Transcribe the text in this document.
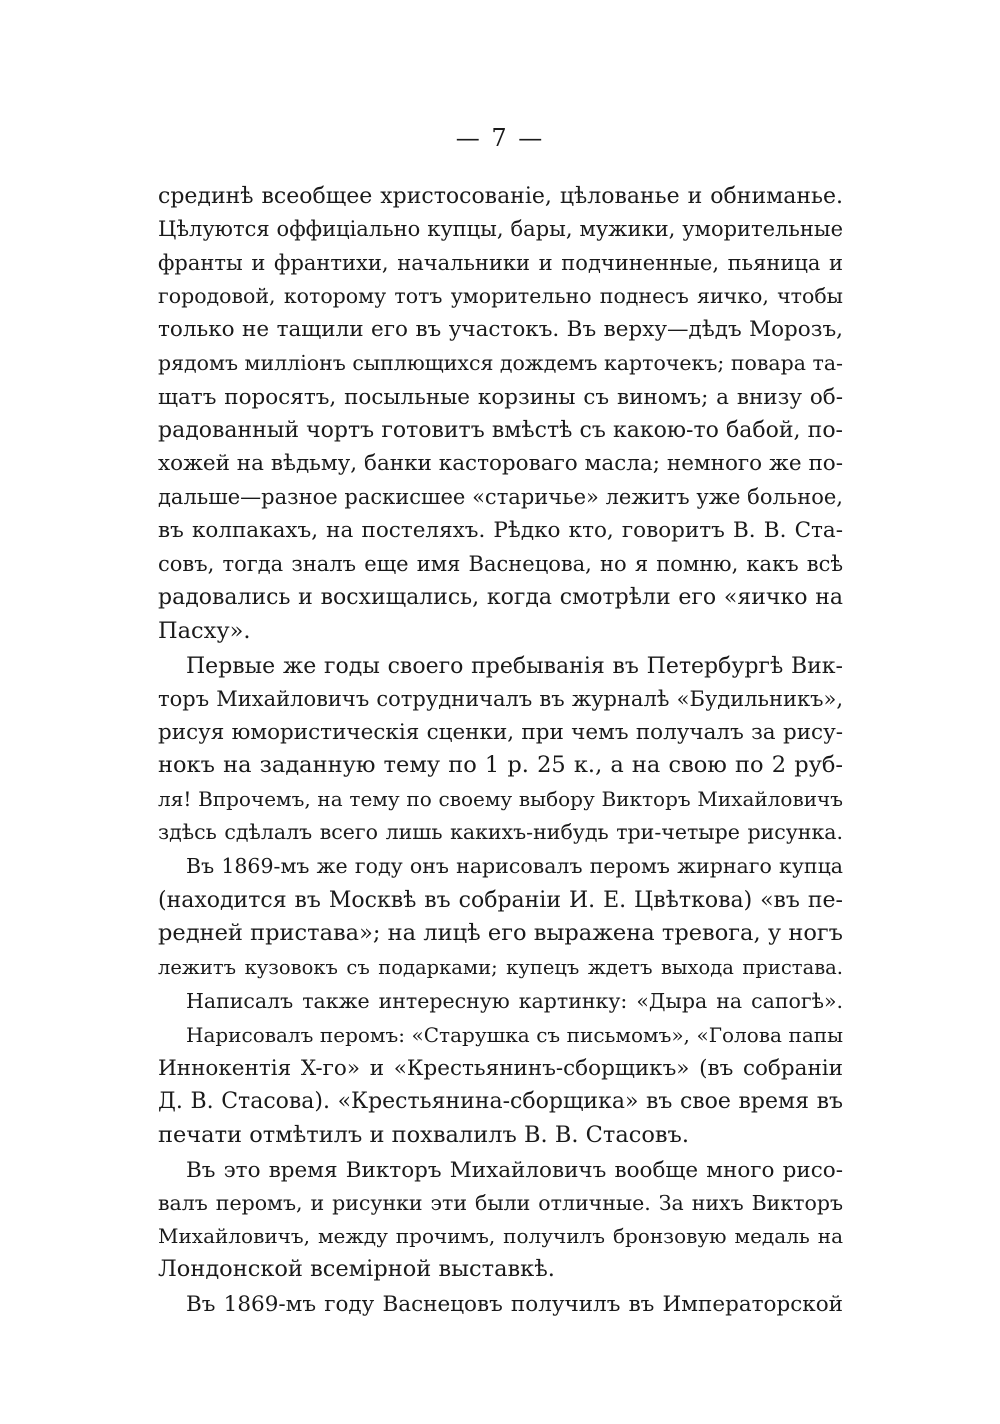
— 7 —
срединѣ всеобщее христосованіе, цѣлованье и обниманье.
Цѣлуются оффиціально купцы, бары, мужики, уморительные
франты и франтихи, начальники и подчиненные, пьяница и
городовой, которому тотъ уморительно поднесъ яичко, чтобы
только не тащили его въ участокъ. Въ верху—дѣдъ Морозъ,
рядомъ милліонъ сыплющихся дождемъ карточекъ; повара та-
щатъ поросятъ, посыльные корзины съ виномъ; а внизу об-
радованный чортъ готовитъ вмѣстѣ съ какою-то бабой, по-
хожей на вѣдьму, банки касторовагo масла; немного же по-
дальше—разное раскисшее «старичье» лежитъ уже больное,
въ колпакахъ, на постеляхъ. Рѣдко кто, говоритъ В. В. Ста-
совъ, тогда зналъ еще имя Васнецова, но я помню, какъ всѣ
радовались и восхищались, когда смотрѣли его «яичко на
Пасху».
Первые же годы своего пребыванія въ Петербургѣ Вик-
торъ Михайловичъ сотрудничалъ въ журналѣ «Будильникъ»,
рисуя юмористическія сценки, при чемъ получалъ за рису-
нокъ на заданную тему по 1 р. 25 к., а на свою по 2 руб-
ля! Впрочемъ, на тему по своему выбору Викторъ Михайловичъ
здѣсь сдѣлалъ всего лишь какихъ-нибудь три-четыре рисунка.
Въ 1869-мъ же году онъ нарисовалъ перомъ жирнаго купца
(находится въ Москвѣ въ собраніи И. Е. Цвѣткова) «въ пе-
редней пристава»; на лицѣ его выражена тревога, у ногъ
лежитъ кузовокъ съ подарками; купецъ ждетъ выхода пристава.
Написалъ также интересную картинку: «Дыра на сапогѣ».
Нарисовалъ перомъ: «Старушка съ письмомъ», «Голова папы
Иннокентія X-го» и «Крестьянинъ-сборщикъ» (въ собраніи
Д. В. Стасова). «Крестьянина-сборщика» въ свое время въ
печати отмѣтилъ и похвалилъ В. В. Стасовъ.
Въ это время Викторъ Михайловичъ вообще много рисо-
валъ перомъ, и рисунки эти были отличные. За нихъ Викторъ
Михайловичъ, между прочимъ, получилъ бронзовую медаль на
Лондонской всемірной выставкѣ.
Въ 1869-мъ году Васнецовъ получилъ въ Императорской
